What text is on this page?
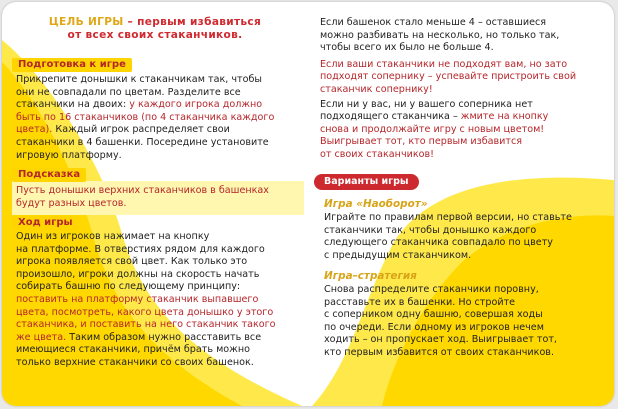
ЦЕЛЬ ИГРЫ – первым избавиться
от всех своих стаканчиков.
Подготовка к игре

Прикрепите донышки к стаканчикам так, чтобы

они не совпадали по цветам. Разделите все

стаканчики на двоих: у каждого игрока должно

быть по 16 стаканчиков (по 4 стаканчика каждого

цвета). Каждый игрок распределяет свои

стаканчики в 4 башенки. Посередине установите

игровую платформу.

Подсказка

Пусть донышки верхних стаканчиков в башенках

будут разных цветов.

Ход игры

Один из игроков нажимает на кнопку

на платформе. В отверстиях рядом для каждого

игрока появляется свой цвет. Как только это

произошло, игроки должны на скорость начать

собирать башню по следующему принципу:

поставить на платформу стаканчик выпавшего

цвета, посмотреть, какого цвета донышко у этого

стаканчика, и поставить на него стаканчик такого

же цвета. Таким образом нужно расставить все

имеющиеся стаканчики, причём брать можно

только верхние стаканчики со своих башенок.

Если башенок стало меньше 4 – оставшиеся

можно разбивать на несколько, но только так,

чтобы всего их было не больше 4.

Если ваши стаканчики не подходят вам, но зато

подходят сопернику – успевайте пристроить свой

стаканчик сопернику!

Если ни у вас, ни у вашего соперника нет

подходящего стаканчика – жмите на кнопку

снова и продолжайте игру с новым цветом!

Выигрывает тот, кто первым избавится

от своих стаканчиков!

Варианты игры
Игра «Наоборот»

Играйте по правилам первой версии, но ставьте

стаканчики так, чтобы донышко каждого

следующего стаканчика совпадало по цвету

с предыдущим стаканчиком.

Игра–стратегия

Снова распределите стаканчики поровну,

расставьте их в башенки. Но стройте

с соперником одну башню, совершая ходы

по очереди. Если одному из игроков нечем

ходить – он пропускает ход. Выигрывает тот,

кто первым избавится от своих стаканчиков.
